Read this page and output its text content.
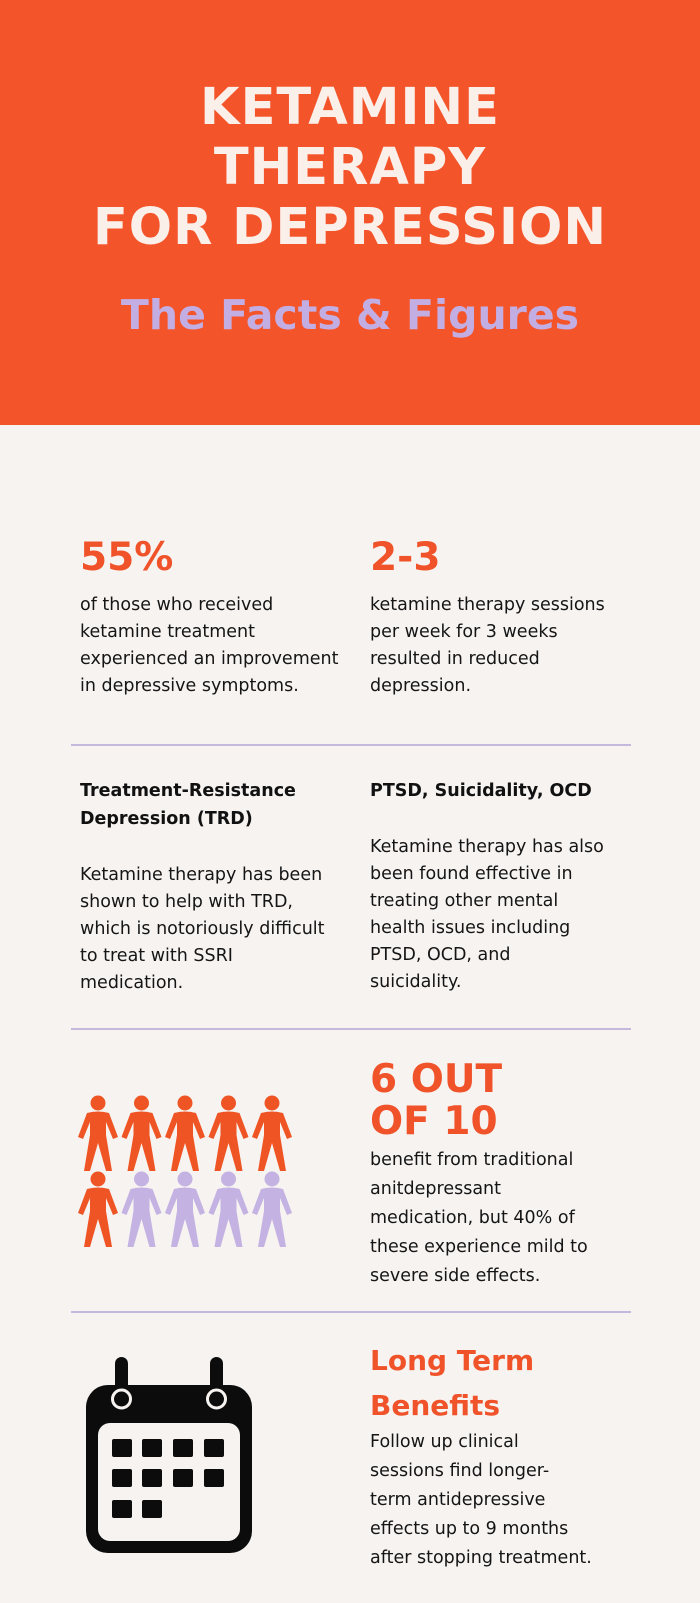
KETAMINE
THERAPY
FOR DEPRESSION
The Facts & Figures
55%
of those who received
ketamine treatment
experienced an improvement
in depressive symptoms.
2-3
ketamine therapy sessions
per week for 3 weeks
resulted in reduced
depression.
Treatment-Resistance
Depression (TRD)
Ketamine therapy has been
shown to help with TRD,
which is notoriously difficult
to treat with SSRI
medication.
PTSD, Suicidality, OCD
Ketamine therapy has also
been found effective in
treating other mental
health issues including
PTSD, OCD, and
suicidality.
6 OUT
OF 10
benefit from traditional
anitdepressant
medication, but 40% of
these experience mild to
severe side effects.
Long Term
Benefits
Follow up clinical
sessions find longer-
term antidepressive
effects up to 9 months
after stopping treatment.
